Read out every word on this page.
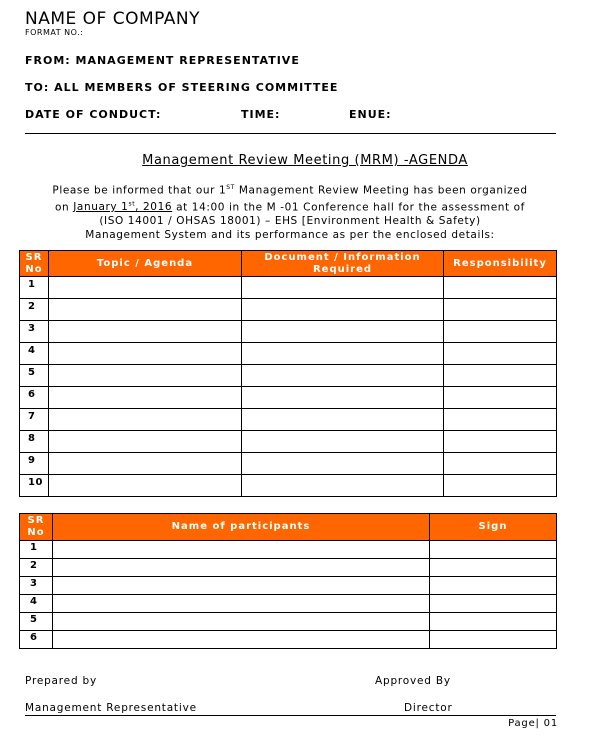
NAME OF COMPANY
FORMAT NO.:
FROM: MANAGEMENT REPRESENTATIVE
TO: ALL MEMBERS OF STEERING COMMITTEE
DATE OF CONDUCT:	TIME:	ENUE:
Management Review Meeting (MRM) -AGENDA
Please be informed that our 1ST Management Review Meeting has been organized
on January 1st, 2016 at 14:00 in the M -01 Conference hall for the assessment of
(ISO 14001 / OHSAS 18001) – EHS [Environment Health & Safety)
Management System and its performance as per the enclosed details:
SR No	Topic / Agenda	Document / Information Required	Responsibility
1			
2			
3			
4			
5			
6			
7			
8			
9			
10			
SR No	Name of participants	Sign
1		
2		
3		
4		
5		
6		
Prepared by	Approved By
Management Representative	Director
Page| 01
